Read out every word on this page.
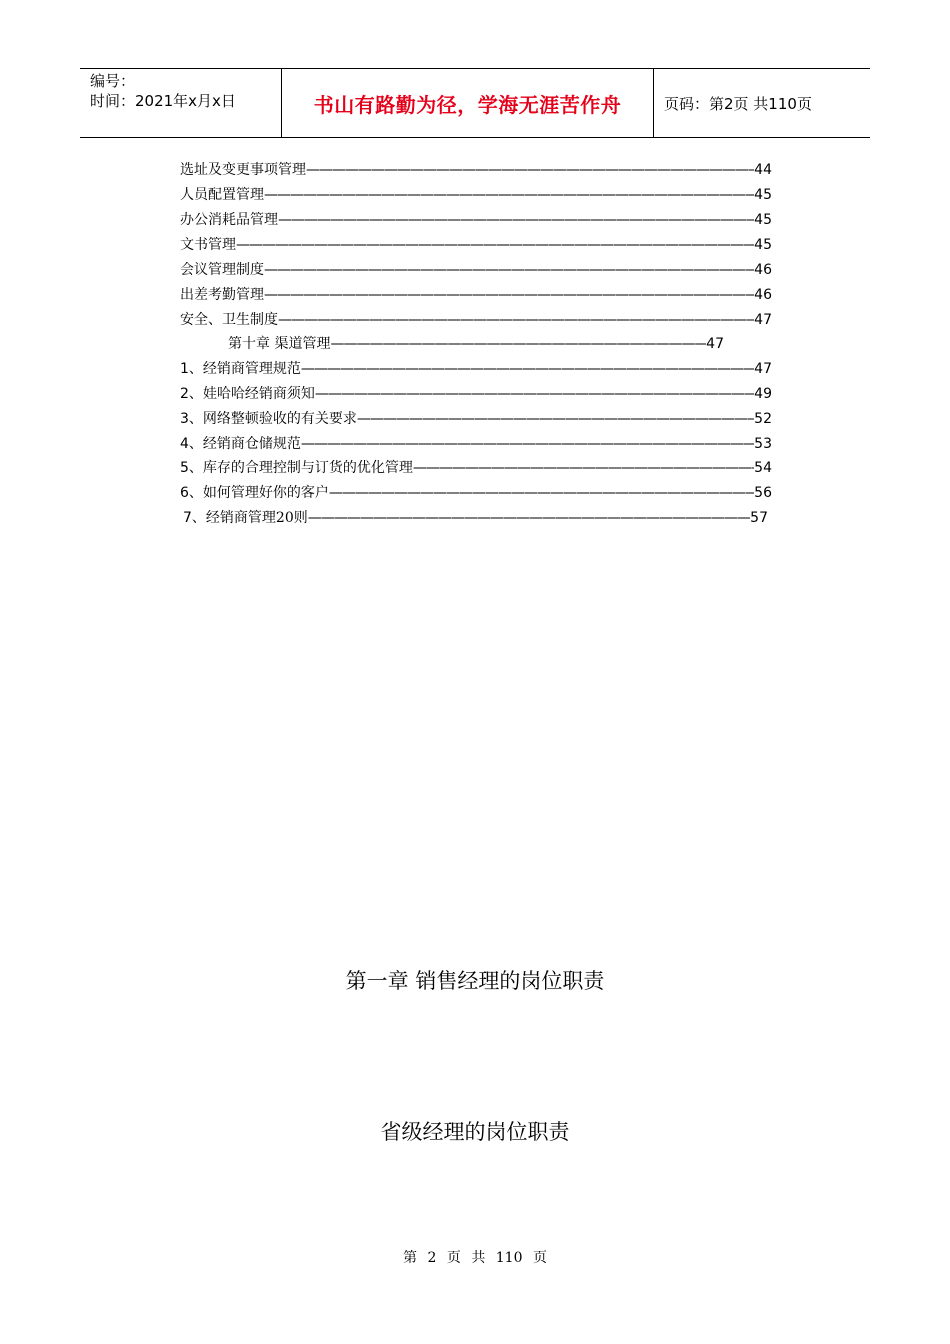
编号：
时间：2021年x月x日	书山有路勤为径，学海无涯苦作舟	页码：第2页 共110页
选址及变更事项管理 —————	44
人员配置管理 —————	45
办公消耗品管理 —————	45
文书管理 —————	45
会议管理制度 —————	46
出差考勤管理 —————	46
安全、卫生制度 —————	47
第十章 渠道管理 —————	47
1、 经销商管理规范 —————	47
2、 娃哈哈经销商须知 —————	49
3、 网络整顿验收的有关要求 —————	52
4、 经销商仓储规范 —————	53
5、 库存的合理控制与订货的优化管理 —————	54
6、 如何管理好你的客户 —————	56
7、 经销商管理20则 —————	57
第一章 销售经理的岗位职责
省级经理的岗位职责
第 2 页 共 110 页
